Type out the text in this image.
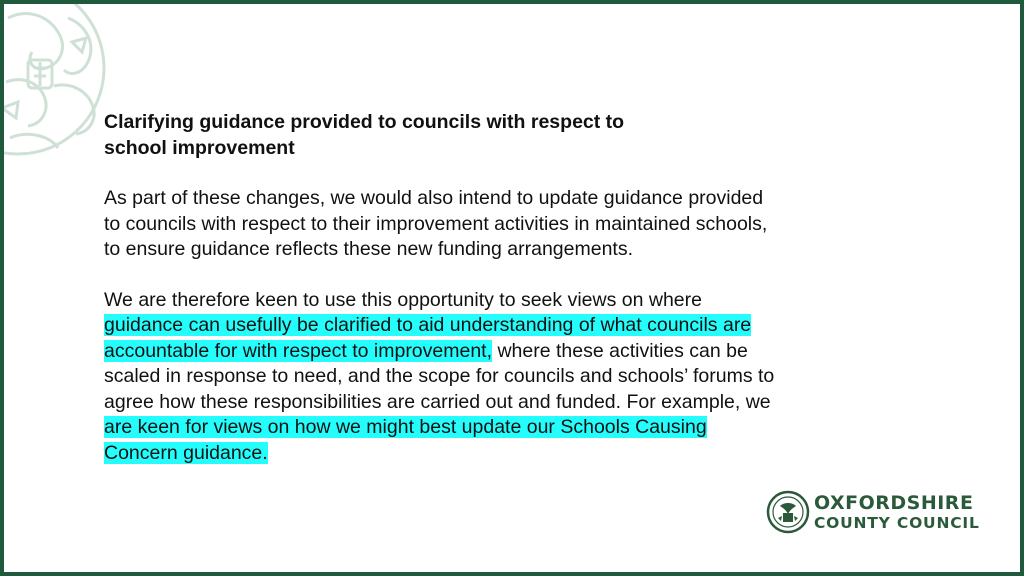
Clarifying guidance provided to councils with respect to
school improvement
As part of these changes, we would also intend to update guidance provided to councils with respect to their improvement activities in maintained schools, to ensure guidance reflects these new funding arrangements.
We are therefore keen to use this opportunity to seek views on where guidance can usefully be clarified to aid understanding of what councils are accountable for with respect to improvement, where these activities can be scaled in response to need, and the scope for councils and schools’ forums to agree how these responsibilities are carried out and funded. For example, we are keen for views on how we might best update our Schools Causing Concern guidance.
OXFORDSHIRE
COUNTY COUNCIL
